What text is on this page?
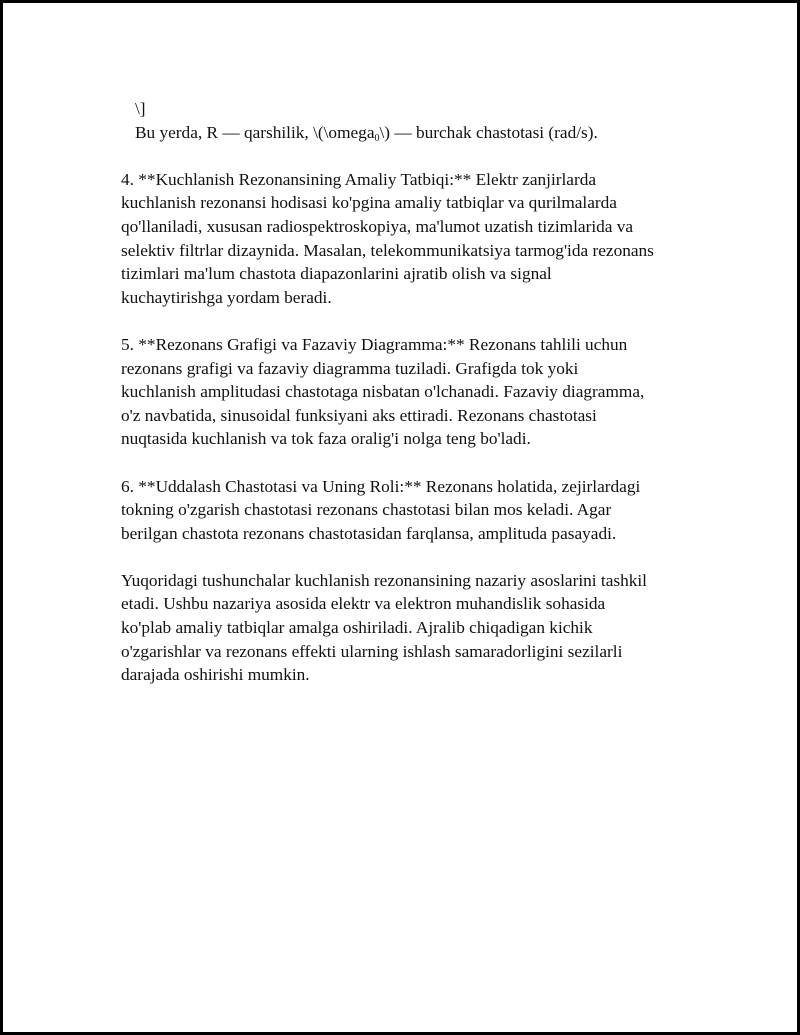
\]
Bu yerda, R — qarshilik, \(\omega$_0$\) — burchak chastotasi (rad/s).
4. **Kuchlanish Rezonansining Amaliy Tatbiqi:** Elektr zanjirlarda
kuchlanish rezonansi hodisasi ko'pgina amaliy tatbiqlar va qurilmalarda
qo'llaniladi, xususan radiospektroskopiya, ma'lumot uzatish tizimlarida va
selektiv filtrlar dizaynida. Masalan, telekommunikatsiya tarmog'ida rezonans
tizimlari ma'lum chastota diapazonlarini ajratib olish va signal
kuchaytirishga yordam beradi.
5. **Rezonans Grafigi va Fazaviy Diagramma:** Rezonans tahlili uchun
rezonans grafigi va fazaviy diagramma tuziladi. Grafigda tok yoki
kuchlanish amplitudasi chastotaga nisbatan o'lchanadi. Fazaviy diagramma,
o'z navbatida, sinusoidal funksiyani aks ettiradi. Rezonans chastotasi
nuqtasida kuchlanish va tok faza oralig'i nolga teng bo'ladi.
6. **Uddalash Chastotasi va Uning Roli:** Rezonans holatida, zejirlardagi
tokning o'zgarish chastotasi rezonans chastotasi bilan mos keladi. Agar
berilgan chastota rezonans chastotasidan farqlansa, amplituda pasayadi.
Yuqoridagi tushunchalar kuchlanish rezonansining nazariy asoslarini tashkil
etadi. Ushbu nazariya asosida elektr va elektron muhandislik sohasida
ko'plab amaliy tatbiqlar amalga oshiriladi. Ajralib chiqadigan kichik
o'zgarishlar va rezonans effekti ularning ishlash samaradorligini sezilarli
darajada oshirishi mumkin.
